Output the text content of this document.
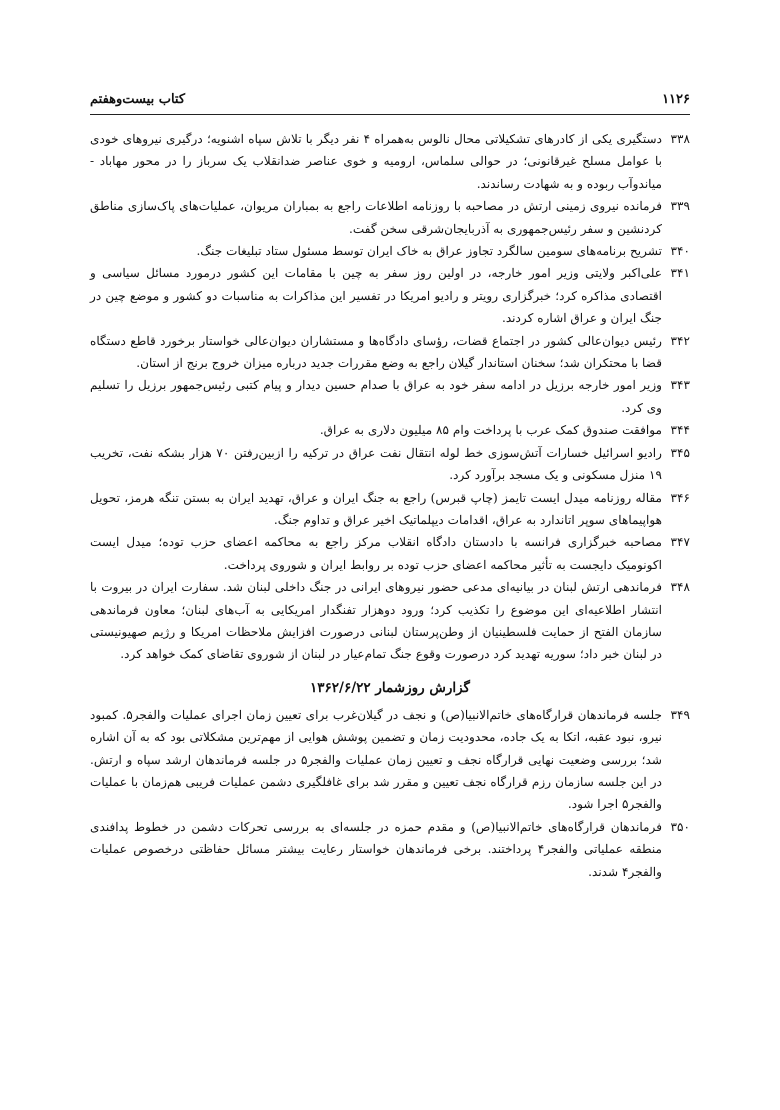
۱۱۲۶
کتاب بیست‌وهفتم
۳۳۸
دستگیری یکی از کادرهای تشکیلاتی محال نالوس به‌همراه ۴ نفر دیگر با تلاش سپاه اشنویه؛ درگیری نیروهای خودی با عوامل مسلح غیرقانونی؛ در حوالی سلماس، ارومیه و خوی عناصر ضدانقلاب یک سرباز را در محور مهاباد - میاندوآب ربوده و به شهادت رساندند.
۳۳۹
فرمانده نیروی زمینی ارتش در مصاحبه با روزنامه اطلاعات راجع به بمباران مریوان، عملیات‌های پاک‌سازی مناطق کردنشین و سفر رئیس‌جمهوری به آذربایجان‌شرقی سخن گفت.
۳۴۰
تشریح برنامه‌های سومین سالگرد تجاوز عراق به خاک ایران توسط مسئول ستاد تبلیغات جنگ.
۳۴۱
علی‌اکبر ولایتی وزیر امور خارجه، در اولین روز سفر به چین با مقامات این کشور درمورد مسائل سیاسی و اقتصادی مذاکره کرد؛ خبرگزاری رویتر و رادیو امریکا در تفسیر این مذاکرات به مناسبات دو کشور و موضع چین در جنگ ایران و عراق اشاره کردند.
۳۴۲
رئیس دیوان‌عالی کشور در اجتماع قضات، رؤسای دادگاه‌ها و مستشاران دیوان‌عالی خواستار برخورد قاطع دستگاه قضا با محتکران شد؛ سخنان استاندار گیلان راجع به وضع مقررات جدید درباره میزان خروج برنج از استان.
۳۴۳
وزیر امور خارجه برزیل در ادامه سفر خود به عراق با صدام حسین دیدار و پیام کتبی رئیس‌جمهور برزیل را تسلیم وی کرد.
۳۴۴
موافقت صندوق کمک عرب با پرداخت وام ۸۵ میلیون دلاری به عراق.
۳۴۵
رادیو اسرائیل خسارات آتش‌سوزی خط لوله انتقال نفت عراق در ترکیه را ازبین‌رفتن ۷۰ هزار بشکه نفت، تخریب ۱۹ منزل مسکونی و یک مسجد برآورد کرد.
۳۴۶
مقاله روزنامه میدل ایست تایمز (چاپ قبرس) راجع به جنگ ایران و عراق، تهدید ایران به بستن تنگه هرمز، تحویل هواپیماهای سوپر اتاندارد به عراق، اقدامات دیپلماتیک اخیر عراق و تداوم جنگ.
۳۴۷
مصاحبه خبرگزاری فرانسه با دادستان دادگاه انقلاب مرکز راجع به محاکمه اعضای حزب توده؛ میدل ایست اکونومیک دایجست به تأثیر محاکمه اعضای حزب توده بر روابط ایران و شوروی پرداخت.
۳۴۸
فرماندهی ارتش لبنان در بیانیه‌ای مدعی حضور نیروهای ایرانی در جنگ داخلی لبنان شد. سفارت ایران در بیروت با انتشار اطلاعیه‌ای این موضوع را تکذیب کرد؛ ورود دوهزار تفنگدار امریکایی به آب‌های لبنان؛ معاون فرماندهی سازمان الفتح از حمایت فلسطینیان از وطن‌پرستان لبنانی درصورت افزایش ملاحظات امریکا و رژیم صهیونیستی در لبنان خبر داد؛ سوریه تهدید کرد درصورت وقوع جنگ تمام‌عیار در لبنان از شوروی تقاضای کمک خواهد کرد.
گزارش روزشمار ۱۳۶۲/۶/۲۲
۳۴۹
جلسه فرماندهان قرارگاه‌های خاتم‌الانبیا(ص) و نجف در گیلان‌غرب برای تعیین زمان اجرای عملیات والفجر۵. کمبود نیرو، نبود عقبه، اتکا به یک جاده، محدودیت زمان و تضمین پوشش هوایی از مهم‌ترین مشکلاتی بود که به آن اشاره شد؛ بررسی وضعیت نهایی قرارگاه نجف و تعیین زمان عملیات والفجر۵ در جلسه فرماندهان ارشد سپاه و ارتش. در این جلسه سازمان رزم قرارگاه نجف تعیین و مقرر شد برای غافلگیری دشمن عملیات فریبی هم‌زمان با عملیات والفجر۵ اجرا شود.
۳۵۰
فرماندهان قرارگاه‌های خاتم‌الانبیا(ص) و مقدم حمزه در جلسه‌ای به بررسی تحرکات دشمن در خطوط پدافندی منطقه عملیاتی والفجر۴ پرداختند. برخی فرماندهان خواستار رعایت بیشتر مسائل حفاظتی درخصوص عملیات والفجر۴ شدند.
